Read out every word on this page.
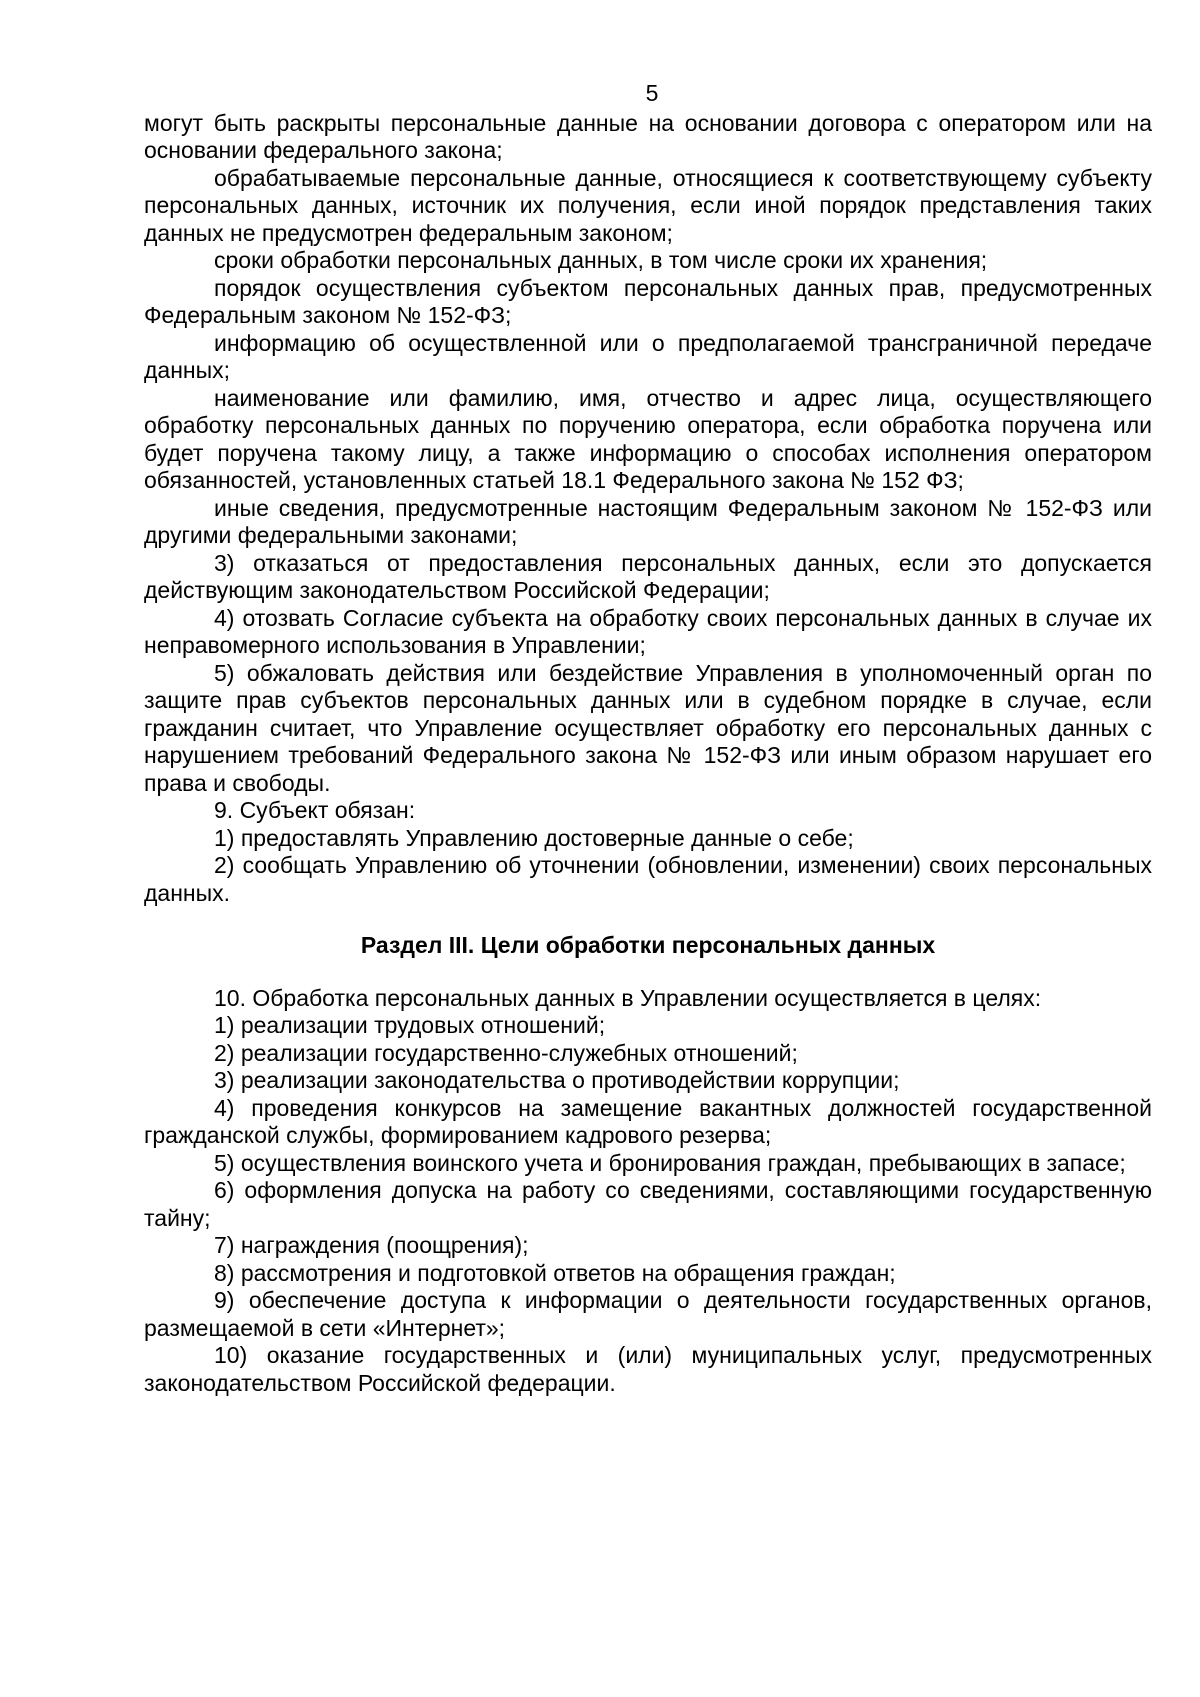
5

могут быть раскрыты персональные данные на основании договора с оператором или на основании федерального закона;

обрабатываемые персональные данные, относящиеся к соответствующему субъекту персональных данных, источник их получения, если иной порядок представления таких данных не предусмотрен федеральным законом;

сроки обработки персональных данных, в том числе сроки их хранения;

порядок осуществления субъектом персональных данных прав, предусмотренных Федеральным законом № 152-ФЗ;

информацию об осуществленной или о предполагаемой трансграничной передаче данных;

наименование или фамилию, имя, отчество и адрес лица, осуществляющего обработку персональных данных по поручению оператора, если обработка поручена или будет поручена такому лицу, а также информацию о способах исполнения оператором обязанностей, установленных статьей 18.1 Федерального закона № 152 ФЗ;

иные сведения, предусмотренные настоящим Федеральным законом № 152-ФЗ или другими федеральными законами;

3) отказаться от предоставления персональных данных, если это допускается действующим законодательством Российской Федерации;

4) отозвать Согласие субъекта на обработку своих персональных данных в случае их неправомерного использования в Управлении;

5) обжаловать действия или бездействие Управления в уполномоченный орган по защите прав субъектов персональных данных или в судебном порядке в случае, если гражданин считает, что Управление осуществляет обработку его персональных данных с нарушением требований Федерального закона № 152-ФЗ или иным образом нарушает его права и свободы.

9. Субъект обязан:

1) предоставлять Управлению достоверные данные о себе;

2) сообщать Управлению об уточнении (обновлении, изменении) своих персональных данных.

Раздел III. Цели обработки персональных данных

10. Обработка персональных данных в Управлении осуществляется в целях:

1) реализации трудовых отношений;

2) реализации государственно-служебных отношений;

3) реализации законодательства о противодействии коррупции;

4) проведения конкурсов на замещение вакантных должностей государственной гражданской службы, формированием кадрового резерва;

5) осуществления воинского учета и бронирования граждан, пребывающих в запасе;

6) оформления допуска на работу со сведениями, составляющими государственную тайну;

7) награждения (поощрения);

8) рассмотрения и подготовкой ответов на обращения граждан;

9) обеспечение доступа к информации о деятельности государственных органов, размещаемой в сети «Интернет»;

10) оказание государственных и (или) муниципальных услуг, предусмотренных законодательством Российской федерации.
